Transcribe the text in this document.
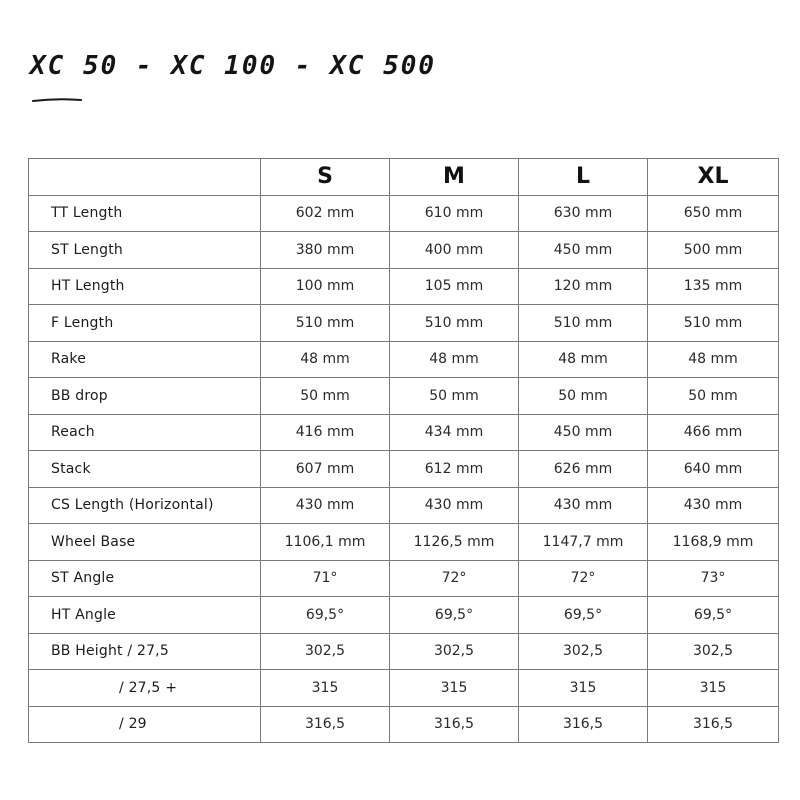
XC 50 - XC 100 - XC 500
	S	M	L	XL
TT Length	602 mm	610 mm	630 mm	650 mm
ST Length	380 mm	400 mm	450 mm	500 mm
HT Length	100 mm	105 mm	120 mm	135 mm
F Length	510 mm	510 mm	510 mm	510 mm
Rake	48 mm	48 mm	48 mm	48 mm
BB drop	50 mm	50 mm	50 mm	50 mm
Reach	416 mm	434 mm	450 mm	466 mm
Stack	607 mm	612 mm	626 mm	640 mm
CS Length (Horizontal)	430 mm	430 mm	430 mm	430 mm
Wheel Base	1106,1 mm	1126,5 mm	1147,7 mm	1168,9 mm
ST Angle	71°	72°	72°	73°
HT Angle	69,5°	69,5°	69,5°	69,5°
BB Height / 27,5	302,5	302,5	302,5	302,5
/ 27,5 +	315	315	315	315
/ 29	316,5	316,5	316,5	316,5
